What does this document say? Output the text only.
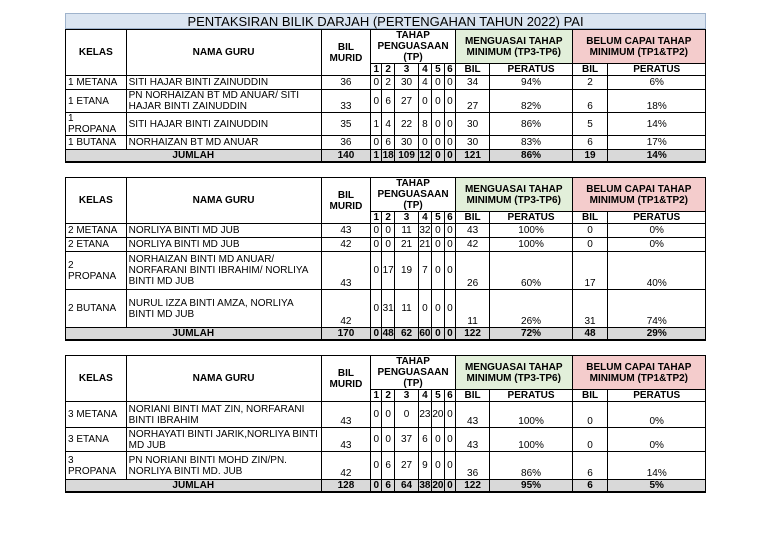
PENTAKSIRAN BILIK DARJAH (PERTENGAHAN TAHUN 2022) PAI
KELAS	NAMA GURU	BIL MURID	TAHAP PENGUASAAN (TP)						MENGUASAI TAHAP MINIMUM (TP3-TP6)		BELUM CAPAI TAHAP MINIMUM (TP1&TP2)	

			1	2	3	4	5	6	BIL	PERATUS	BIL	PERATUS
1 METANA	SITI HAJAR BINTI ZAINUDDIN	36	0	2	30	4	0	0	34	94%	2	6%
1 ETANA	PN NORHAIZAN BT MD ANUAR/ SITI HAJAR BINTI ZAINUDDIN	33	0	6	27	0	0	0	27	82%	6	18%
1 PROPANA	SITI HAJAR BINTI ZAINUDDIN	35	1	4	22	8	0	0	30	86%	5	14%
1 BUTANA	NORHAIZAN BT MD ANUAR	36	0	6	30	0	0	0	30	83%	6	17%
JUMLAH		140	1	18	109	12	0	0	121	86%	19	14%
KELAS	NAMA GURU	BIL MURID	TAHAP PENGUASAAN (TP)						MENGUASAI TAHAP MINIMUM (TP3-TP6)		BELUM CAPAI TAHAP MINIMUM (TP1&TP2)	

			1	2	3	4	5	6	BIL	PERATUS	BIL	PERATUS
2 METANA	NORLIYA BINTI MD JUB	43	0	0	11	32	0	0	43	100%	0	0%
2 ETANA	NORLIYA BINTI MD JUB	42	0	0	21	21	0	0	42	100%	0	0%
2 PROPANA	NORHAIZAN BINTI MD ANUAR/ NORFARANI BINTI IBRAHIM/ NORLIYA BINTI MD JUB	43	0	17	19	7	0	0	26	60%	17	40%
2 BUTANA	NURUL IZZA BINTI AMZA, NORLIYA BINTI MD JUB	42	0	31	11	0	0	0	11	26%	31	74%
JUMLAH		170	0	48	62	60	0	0	122	72%	48	29%
KELAS	NAMA GURU	BIL MURID	TAHAP PENGUASAAN (TP)						MENGUASAI TAHAP MINIMUM (TP3-TP6)		BELUM CAPAI TAHAP MINIMUM (TP1&TP2)	

			1	2	3	4	5	6	BIL	PERATUS	BIL	PERATUS
3 METANA	NORIANI BINTI MAT ZIN, NORFARANI BINTI IBRAHIM	43	0	0	0	23	20	0	43	100%	0	0%
3 ETANA	NORHAYATI BINTI JARIK,NORLIYA BINTI MD JUB	43	0	0	37	6	0	0	43	100%	0	0%
3 PROPANA	PN NORIANI BINTI MOHD ZIN/PN. NORLIYA BINTI MD. JUB	42	0	6	27	9	0	0	36	86%	6	14%
JUMLAH		128	0	6	64	38	20	0	122	95%	6	5%
